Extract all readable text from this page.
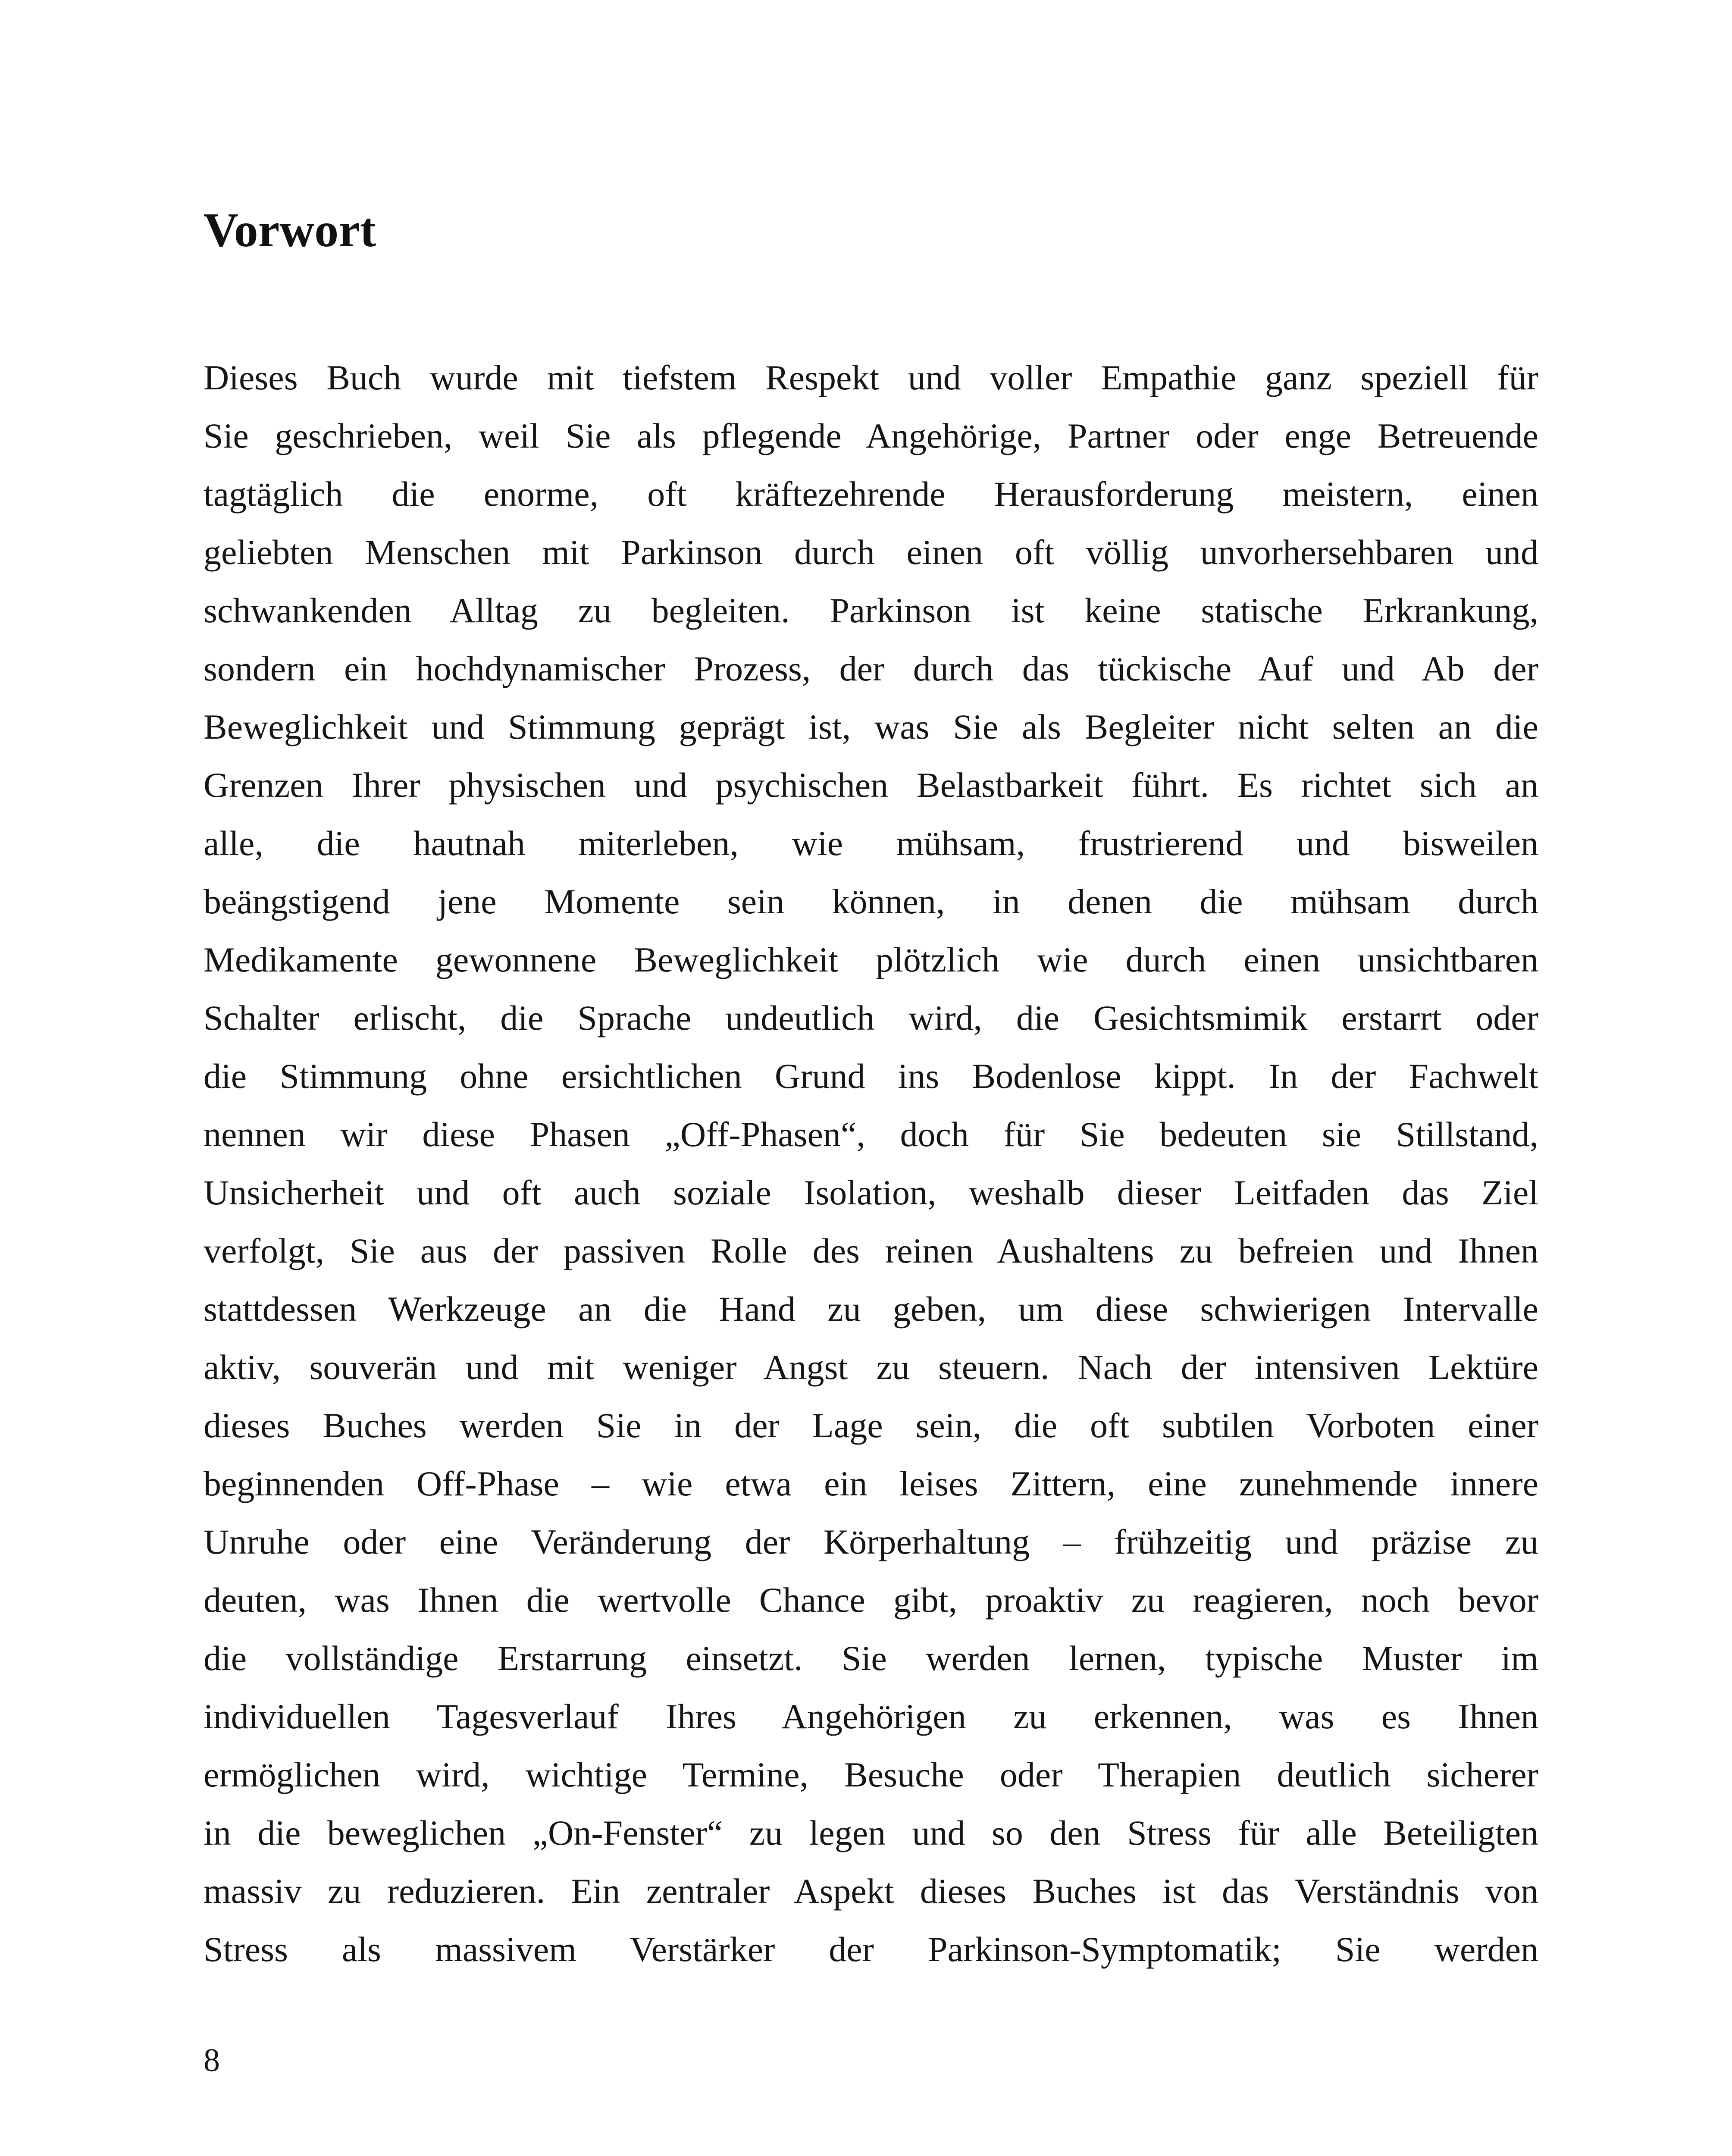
Vorwort
Dieses Buch wurde mit tiefstem Respekt und voller Empathie ganz speziell für
Sie geschrieben, weil Sie als pflegende Angehörige, Partner oder enge Betreuende
tagtäglich die enorme, oft kräftezehrende Herausforderung meistern, einen
geliebten Menschen mit Parkinson durch einen oft völlig unvorhersehbaren und
schwankenden Alltag zu begleiten. Parkinson ist keine statische Erkrankung,
sondern ein hochdynamischer Prozess, der durch das tückische Auf und Ab der
Beweglichkeit und Stimmung geprägt ist, was Sie als Begleiter nicht selten an die
Grenzen Ihrer physischen und psychischen Belastbarkeit führt. Es richtet sich an
alle, die hautnah miterleben, wie mühsam, frustrierend und bisweilen
beängstigend jene Momente sein können, in denen die mühsam durch
Medikamente gewonnene Beweglichkeit plötzlich wie durch einen unsichtbaren
Schalter erlischt, die Sprache undeutlich wird, die Gesichtsmimik erstarrt oder
die Stimmung ohne ersichtlichen Grund ins Bodenlose kippt. In der Fachwelt
nennen wir diese Phasen „Off-Phasen“, doch für Sie bedeuten sie Stillstand,
Unsicherheit und oft auch soziale Isolation, weshalb dieser Leitfaden das Ziel
verfolgt, Sie aus der passiven Rolle des reinen Aushaltens zu befreien und Ihnen
stattdessen Werkzeuge an die Hand zu geben, um diese schwierigen Intervalle
aktiv, souverän und mit weniger Angst zu steuern. Nach der intensiven Lektüre
dieses Buches werden Sie in der Lage sein, die oft subtilen Vorboten einer
beginnenden Off-Phase – wie etwa ein leises Zittern, eine zunehmende innere
Unruhe oder eine Veränderung der Körperhaltung – frühzeitig und präzise zu
deuten, was Ihnen die wertvolle Chance gibt, proaktiv zu reagieren, noch bevor
die vollständige Erstarrung einsetzt. Sie werden lernen, typische Muster im
individuellen Tagesverlauf Ihres Angehörigen zu erkennen, was es Ihnen
ermöglichen wird, wichtige Termine, Besuche oder Therapien deutlich sicherer
in die beweglichen „On-Fenster“ zu legen und so den Stress für alle Beteiligten
massiv zu reduzieren. Ein zentraler Aspekt dieses Buches ist das Verständnis von
Stress als massivem Verstärker der Parkinson-Symptomatik; Sie werden
8
